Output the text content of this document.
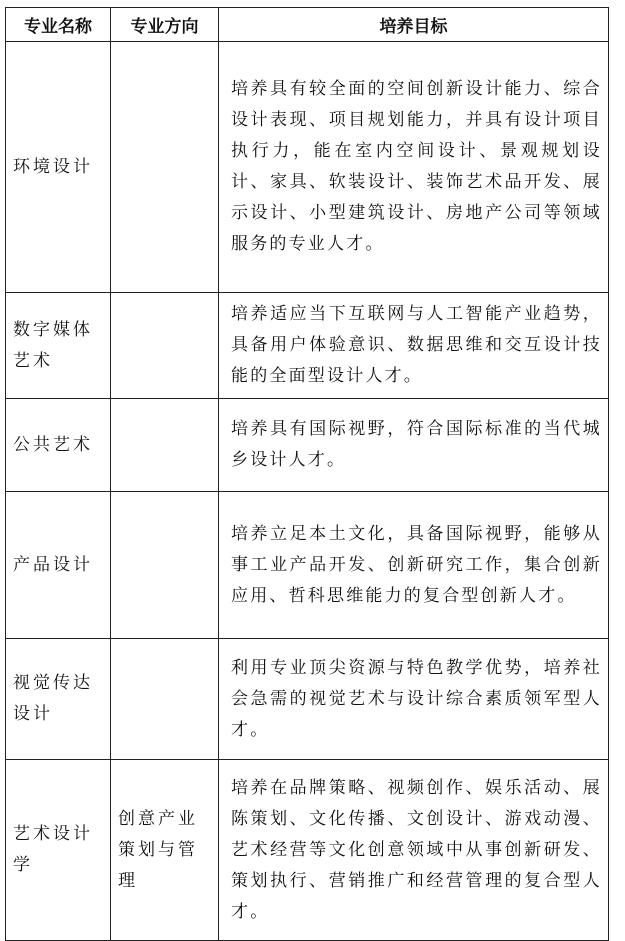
专业名称	专业方向	培养目标
环境设计		培养具有较全面的空间创新设计能力、综合设计表现、项目规划能力，并具有设计项目执行力，能在室内空间设计、景观规划设计、家具、软装设计、装饰艺术品开发、展示设计、小型建筑设计、房地产公司等领域服务的专业人才。
数字媒体艺术		培养适应当下互联网与人工智能产业趋势，具备用户体验意识、数据思维和交互设计技能的全面型设计人才。
公共艺术		培养具有国际视野，符合国际标准的当代城乡设计人才。
产品设计		培养立足本土文化，具备国际视野，能够从事工业产品开发、创新研究工作，集合创新应用、哲科思维能力的复合型创新人才。
视觉传达设计		利用专业顶尖资源与特色教学优势，培养社会急需的视觉艺术与设计综合素质领军型人才。
艺术设计学	创意产业策划与管理	培养在品牌策略、视频创作、娱乐活动、展陈策划、文化传播、文创设计、游戏动漫、艺术经营等文化创意领域中从事创新研发、策划执行、营销推广和经营管理的复合型人才。
